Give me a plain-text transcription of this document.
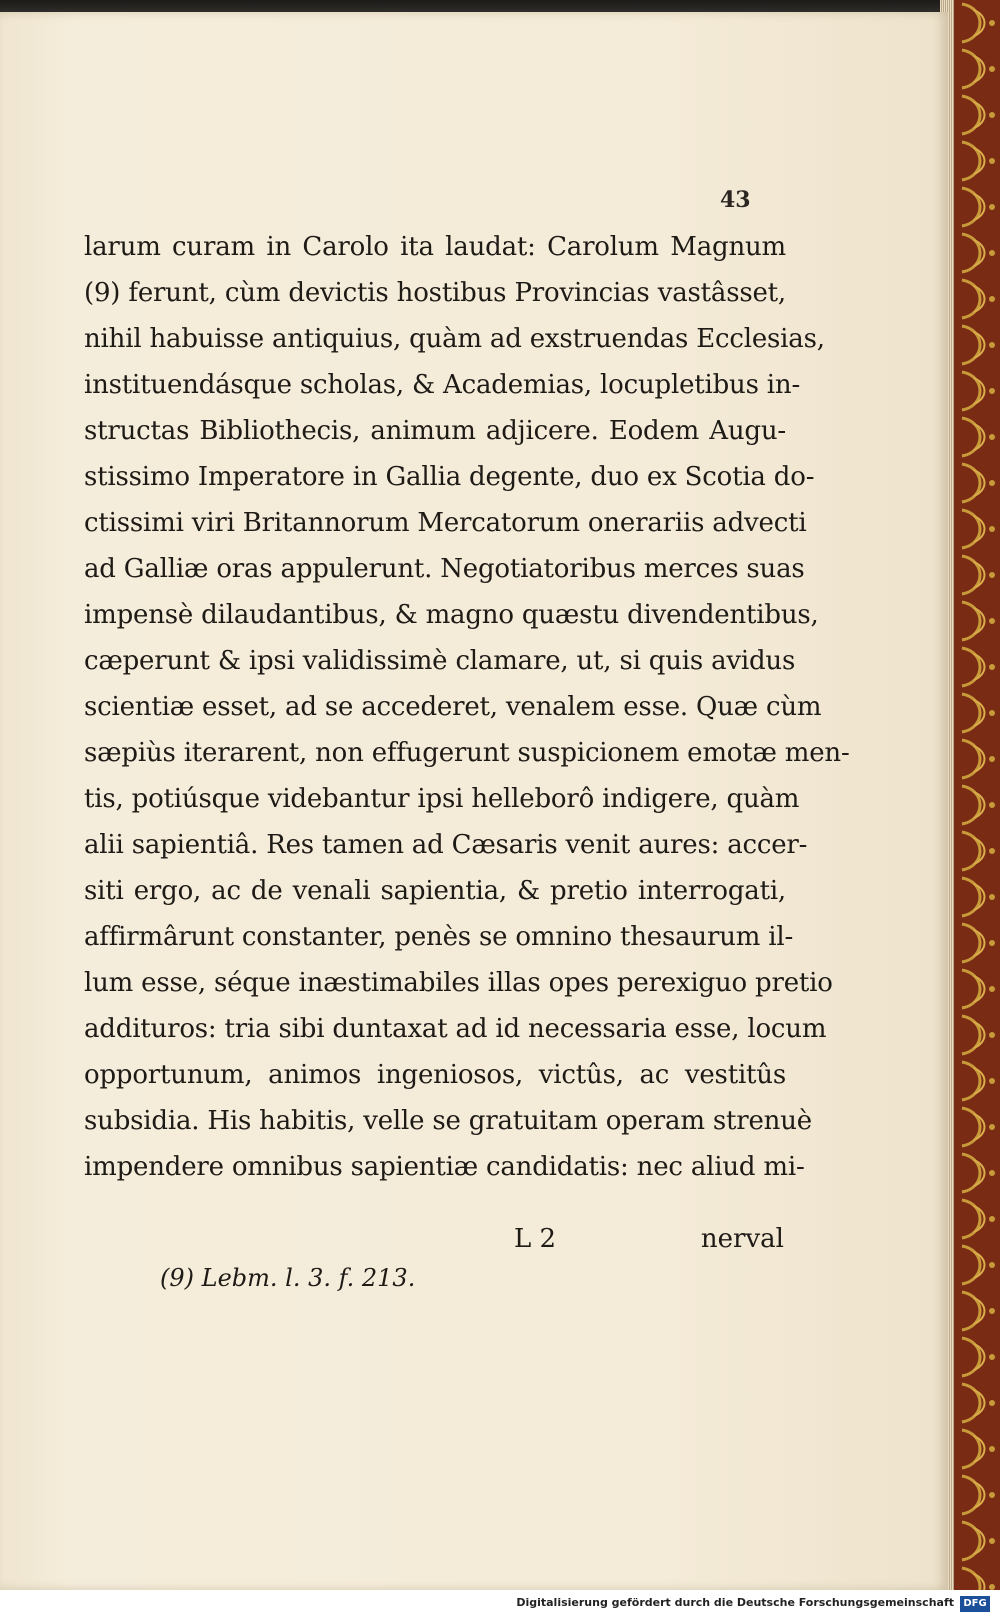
43
larum curam in Carolo ita laudat: Carolum Magnum
(9) ferunt, cùm devictis hostibus Provincias vastâsset,
nihil habuisse antiquius, quàm ad exstruendas Ecclesias,
instituendásque scholas, & Academias, locupletibus in-
structas Bibliothecis, animum adjicere. Eodem Augu-
stissimo Imperatore in Gallia degente, duo ex Scotia do-
ctissimi viri Britannorum Mercatorum onerariis advecti
ad Galliæ oras appulerunt. Negotiatoribus merces suas
impensè dilaudantibus, & magno quæstu divendentibus,
cæperunt & ipsi validissimè clamare, ut, si quis avidus
scientiæ esset, ad se accederet, venalem esse. Quæ cùm
sæpiùs iterarent, non effugerunt suspicionem emotæ men-
tis, potiúsque videbantur ipsi helleborô indigere, quàm
alii sapientiâ. Res tamen ad Cæsaris venit aures: accer-
siti ergo, ac de venali sapientia, & pretio interrogati,
affirmârunt constanter, penès se omnino thesaurum il-
lum esse, séque inæstimabiles illas opes perexiguo pretio
addituros: tria sibi duntaxat ad id necessaria esse, locum
opportunum, animos ingeniosos, victûs, ac vestitûs
subsidia. His habitis, velle se gratuitam operam strenuè
impendere omnibus sapientiæ candidatis: nec aliud mi-
L 2	nerval
(9) Lebm. l. 3. f. 213.
Digitalisierung gefördert durch die Deutsche Forschungsgemeinschaft DFG
